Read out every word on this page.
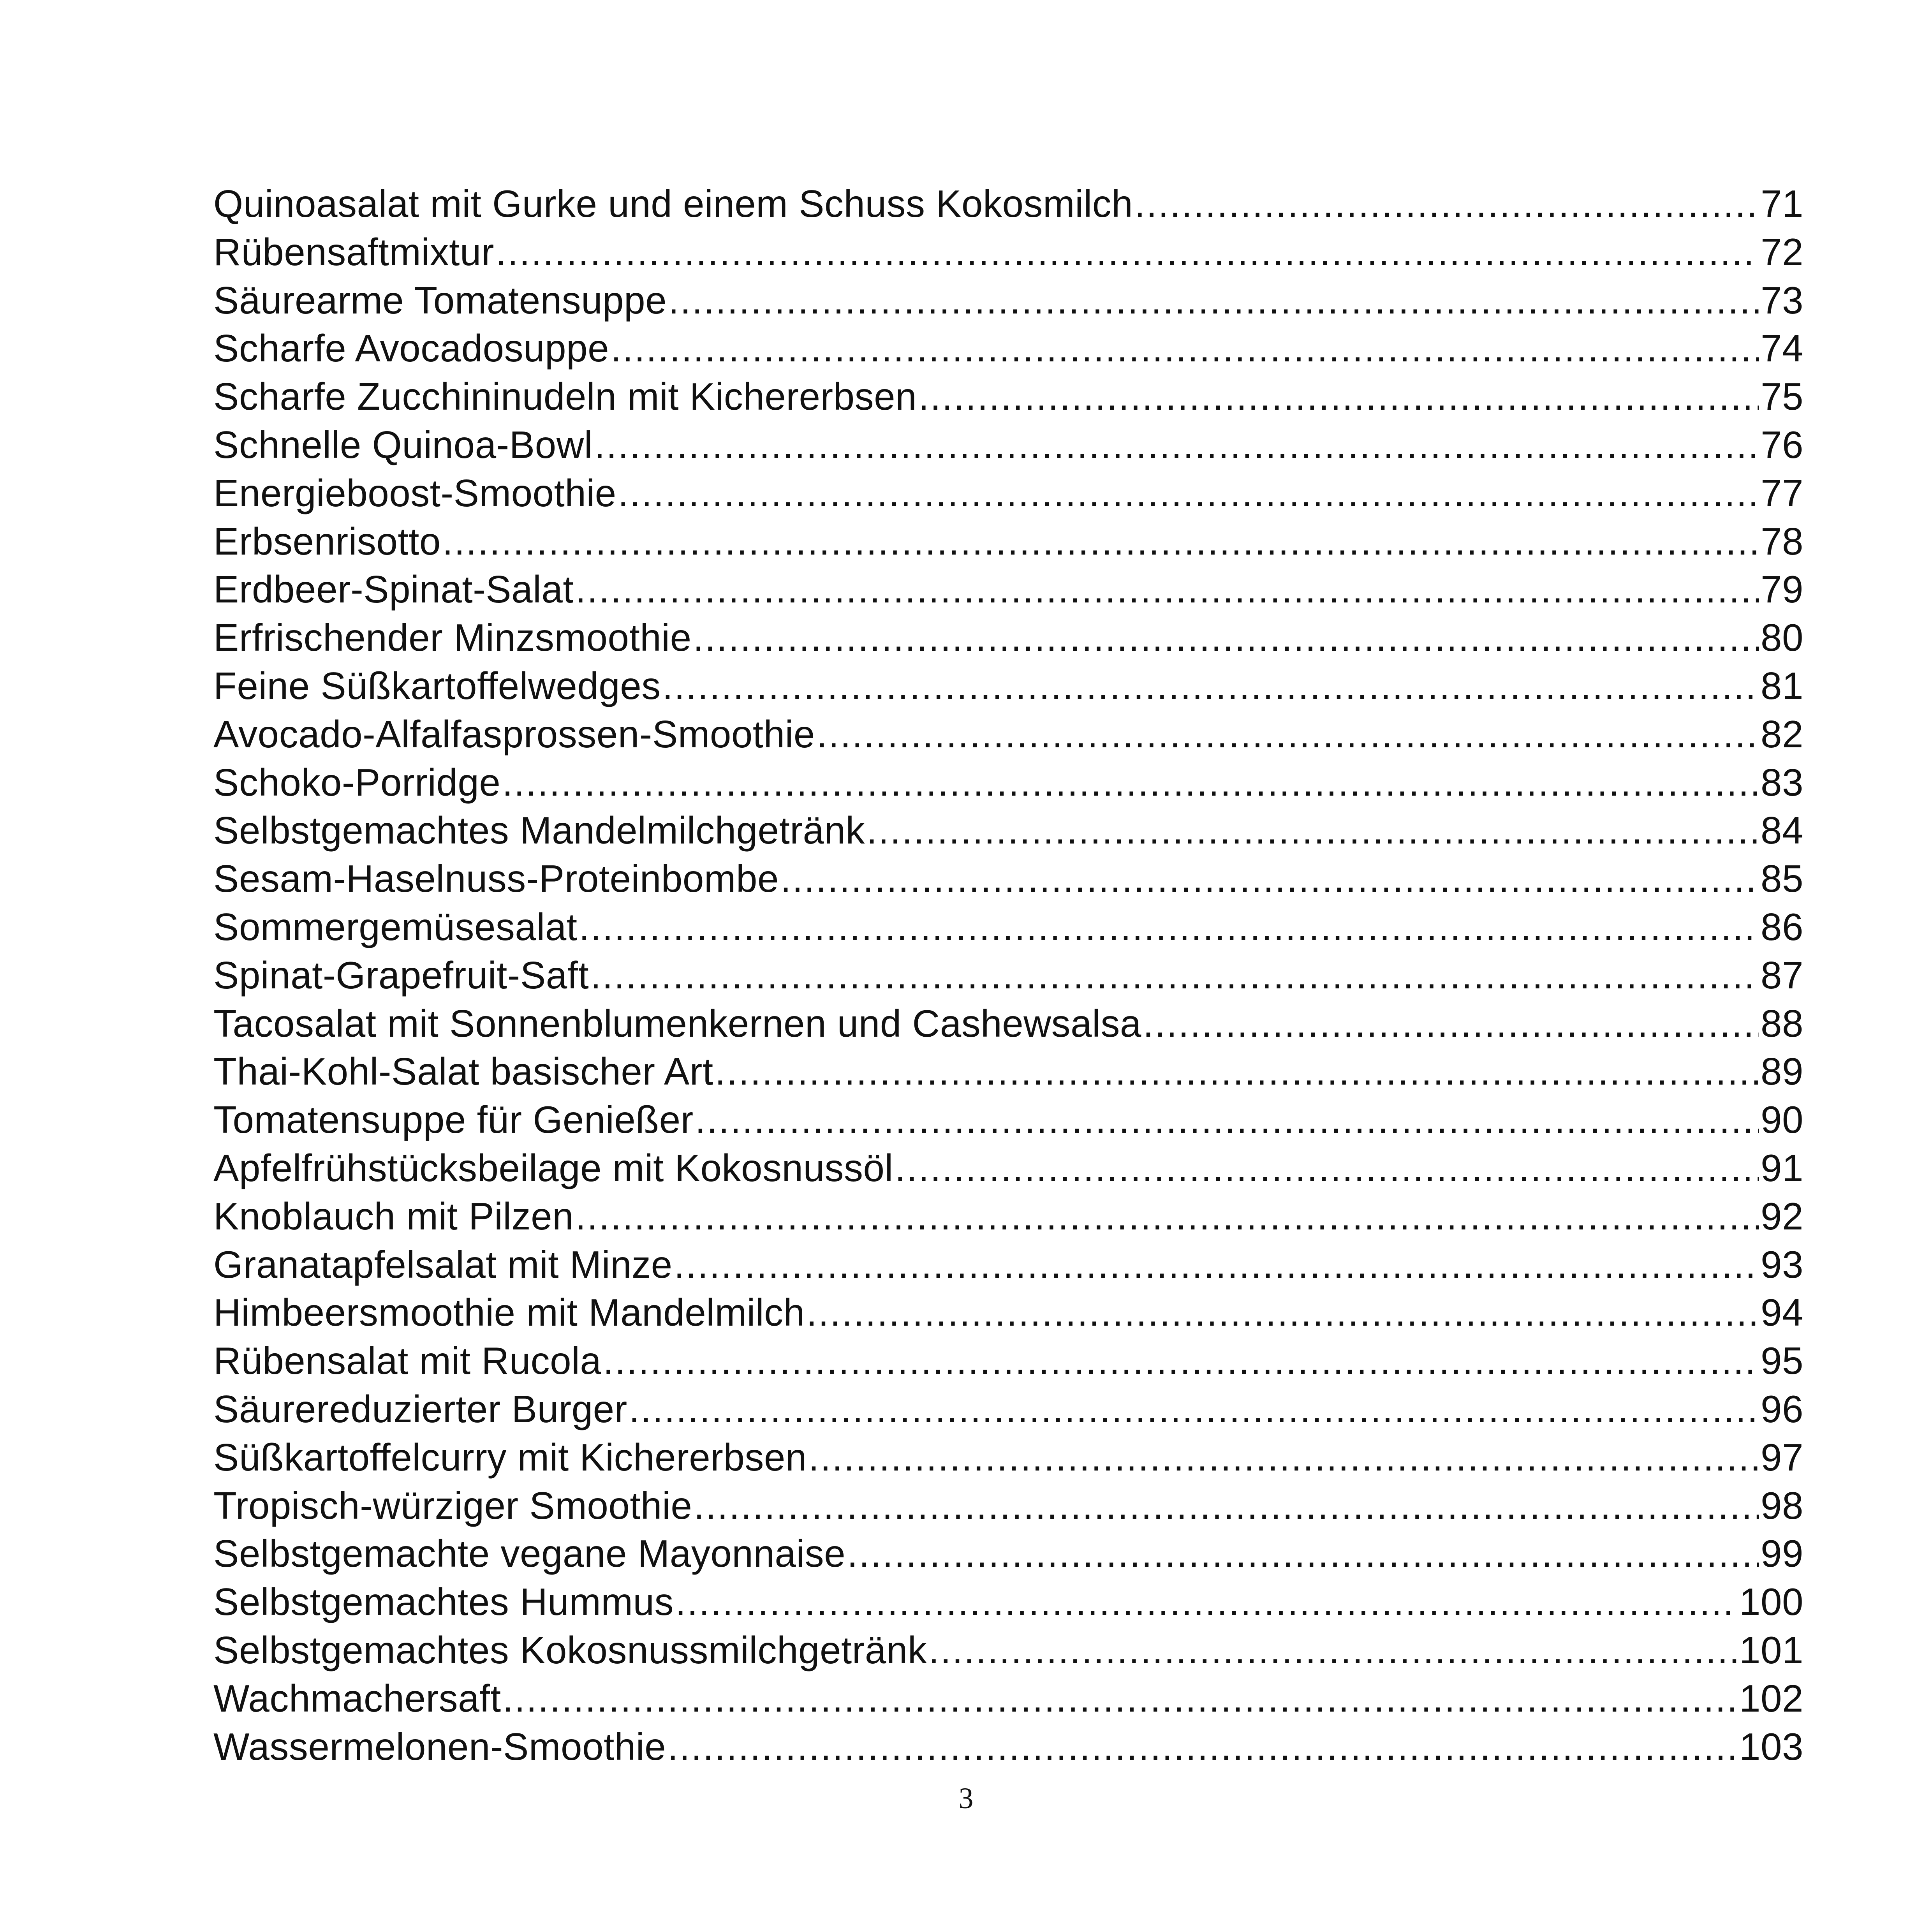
Quinoasalat mit Gurke und einem Schuss Kokosmilch .....	71
Rübensaftmixtur .....	72
Säurearme Tomatensuppe .....	73
Scharfe Avocadosuppe .....	74
Scharfe Zucchininudeln mit Kichererbsen .....	75
Schnelle Quinoa-Bowl .....	76
Energieboost-Smoothie .....	77
Erbsenrisotto .....	78
Erdbeer-Spinat-Salat .....	79
Erfrischender Minzsmoothie .....	80
Feine Süßkartoffelwedges .....	81
Avocado-Alfalfasprossen-Smoothie .....	82
Schoko-Porridge .....	83
Selbstgemachtes Mandelmilchgetränk .....	84
Sesam-Haselnuss-Proteinbombe .....	85
Sommergemüsesalat .....	86
Spinat-Grapefruit-Saft .....	87
Tacosalat mit Sonnenblumenkernen und Cashewsalsa .....	88
Thai-Kohl-Salat basischer Art .....	89
Tomatensuppe für Genießer .....	90
Apfelfrühstücksbeilage mit Kokosnussöl .....	91
Knoblauch mit Pilzen .....	92
Granatapfelsalat mit Minze .....	93
Himbeersmoothie mit Mandelmilch .....	94
Rübensalat mit Rucola .....	95
Säurereduzierter Burger .....	96
Süßkartoffelcurry mit Kichererbsen .....	97
Tropisch-würziger Smoothie .....	98
Selbstgemachte vegane Mayonnaise .....	99
Selbstgemachtes Hummus .....	100
Selbstgemachtes Kokosnussmilchgetränk .....	101
Wachmachersaft .....	102
Wassermelonen-Smoothie .....	103
3
